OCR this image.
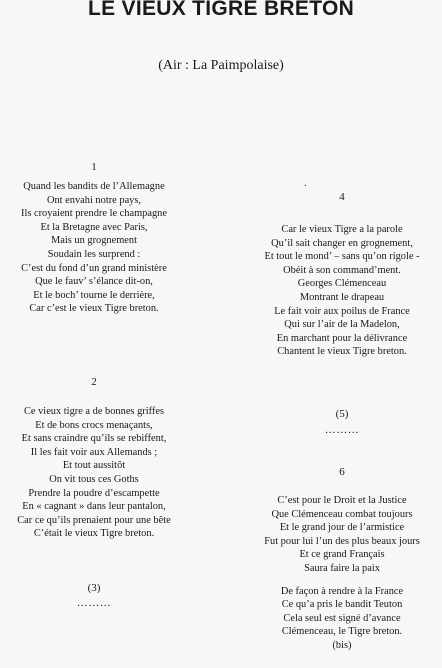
LE VIEUX TIGRE BRETON

(Air : La Paimpolaise)

1
Quand les bandits de l’Allemagne
Ont envahi notre pays,
Ils croyaient prendre le champagne
Et la Bretagne avec Paris,
Mais un grognement
Soudain les surprend :
C’est du fond d’un grand ministère
Que le fauv’ s’élance dit-on,
Et le boch’ tourne le derrière,
Car c’est le vieux Tigre breton.
2
Ce vieux tigre a de bonnes griffes
Et de bons crocs menaçants,
Et sans craindre qu’ils se rebiffent,
Il les fait voir aux Allemands ;
Et tout aussitôt
On vit tous ces Goths
Prendre la poudre d’escampette
En « cagnant » dans leur pantalon,
Car ce qu’ils prenaient pour une bête
C’était le vieux Tigre breton.
(3)
………
.
4
Car le vieux Tigre a la parole
Qu’il sait changer en grognement,
Et tout le mond’ – sans qu’on rigole -
Obéit à son command’ment.
Georges Clémenceau
Montrant le drapeau
Le fait voir aux poilus de France
Qui sur l’air de la Madelon,
En marchant pour la délivrance
Chantent le vieux Tigre breton.
(5)
………
6
C’est pour le Droit et la Justice
Que Clémenceau combat toujours
Et le grand jour de l’armistice
Fut pour lui l’un des plus beaux jours
Et ce grand Français
Saura faire la paix
De façon à rendre à la France
Ce qu’a pris le bandit Teuton
Cela seul est signé d’avance
Clémenceau, le Tigre breton.
(bis)
